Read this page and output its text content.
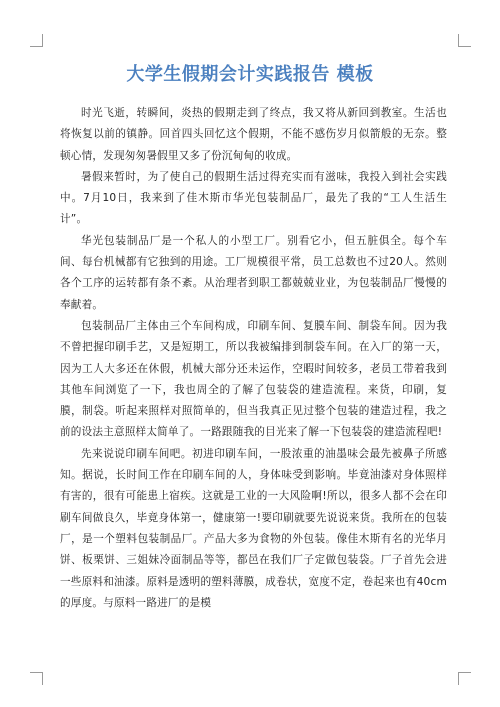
大学生假期会计实践报告 模板

时光飞逝，转瞬间，炎热的假期走到了终点，我又将从新回到教室。生活也将恢复以前的镇静。回首四头回忆这个假期，不能不感伤岁月似箭般的无奈。整顿心情，发现匆匆暑假里又多了份沉甸甸的收成。

暑假来暂时，为了使自己的假期生活过得充实而有滋味，我投入到社会实践中。7月10日，我来到了佳木斯市华光包装制品厂，最先了我的“工人生活生计”。

华光包装制品厂是一个私人的小型工厂。别看它小，但五脏俱全。每个车间、每台机械都有它独到的用途。工厂规模很平常，员工总数也不过20人。然则各个工序的运转都有条不紊。从治理者到职工都兢兢业业，为包装制品厂慢慢的奉献着。

包装制品厂主体由三个车间构成，印刷车间、复膜车间、制袋车间。因为我不曾把握印刷手艺，又是短期工，所以我被编排到制袋车间。在入厂的第一天，因为工人大多还在休假，机械大部分还未运作，空暇时间较多，老员工带着我到其他车间浏览了一下，我也周全的了解了包装袋的建造流程。来货，印刷，复膜，制袋。听起来照样对照简单的，但当我真正见过整个包装的建造过程，我之前的设法主意照样太简单了。一路跟随我的目光来了解一下包装袋的建造流程吧!

先来说说印刷车间吧。初进印刷车间，一股浓重的油墨味会最先被鼻子所感知。据说，长时间工作在印刷车间的人，身体味受到影响。毕竟油漆对身体照样有害的，很有可能患上宿疾。这就是工业的一大风险啊!所以，很多人都不会在印刷车间做良久，毕竟身体第一，健康第一!要印刷就要先说说来货。我所在的包装厂，是一个塑料包装制品厂。产品大多为食物的外包装。像佳木斯有名的光华月饼、板栗饼、三姐妹冷面制品等等，都邑在我们厂子定做包装袋。厂子首先会进一些原料和油漆。原料是透明的塑料薄膜，成卷状，宽度不定，卷起来也有40cm的厚度。与原料一路进厂的是模
